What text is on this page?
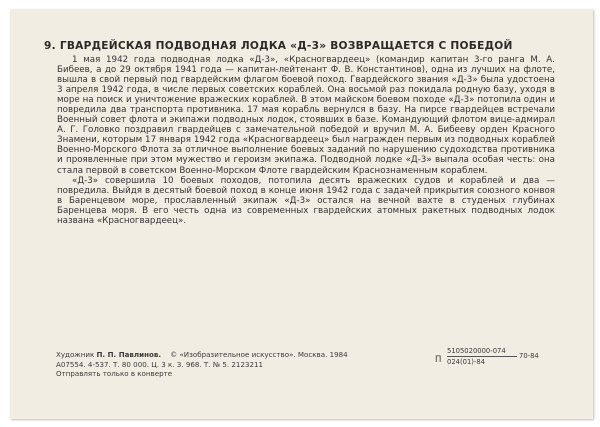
9. ГВАРДЕЙСКАЯ ПОДВОДНАЯ ЛОДКА «Д-3» ВОЗВРАЩАЕТСЯ С ПОБЕДОЙ

1 мая 1942 года подводная лодка «Д-3», «Красногвардеец» (командир капитан 3-го ранга М. А. Бибеев, а до 29 октября 1941 года — капитан-лейтенант Ф. В. Константинов), одна из лучших на флоте, вышла в свой первый под гвардейским флагом боевой поход. Гвардейского звания «Д-3» была удостоена 3 апреля 1942 года, в числе первых советских кораблей. Она восьмой раз покидала родную базу, уходя в море на поиск и уничтожение вражеских кораблей. В этом майском боевом походе «Д-3» потопила один и повредила два транспорта противника. 17 мая корабль вернулся в базу. На пирсе гвардейцев встречали Военный совет флота и экипажи подводных лодок, стоявших в базе. Командующий флотом вице-адмирал А. Г. Головко поздравил гвардейцев с замечательной победой и вручил М. А. Бибееву орден Красного Знамени, которым 17 января 1942 года «Красногвардеец» был награжден первым из подводных кораблей Военно-Морского Флота за отличное выполнение боевых заданий по нарушению судоходства противника и проявленные при этом мужество и героизм экипажа. Подводной лодке «Д-3» выпала особая честь: она стала первой в советском Военно-Морском Флоте гвардейским Краснознаменным кораблем.

«Д-3» совершила 10 боевых походов, потопила десять вражеских судов и кораблей и два — повредила. Выйдя в десятый боевой поход в конце июня 1942 года с задачей прикрытия союзного конвоя в Баренцевом море, прославленный экипаж «Д-3» остался на вечной вахте в студеных глубинах Баренцева моря. В его честь одна из современных гвардейских атомных ракетных подводных лодок названа «Красногвардеец».

Художник П. П. Павлинов. © «Изобразительное искусство». Москва. 1984
А07554. 4-537. Т. 80 000. Ц. 3 к. З. 968. Т. № 5. 2123211
Отправлять только в конверте
П
5105020000-074
024(01)-84
70-84
